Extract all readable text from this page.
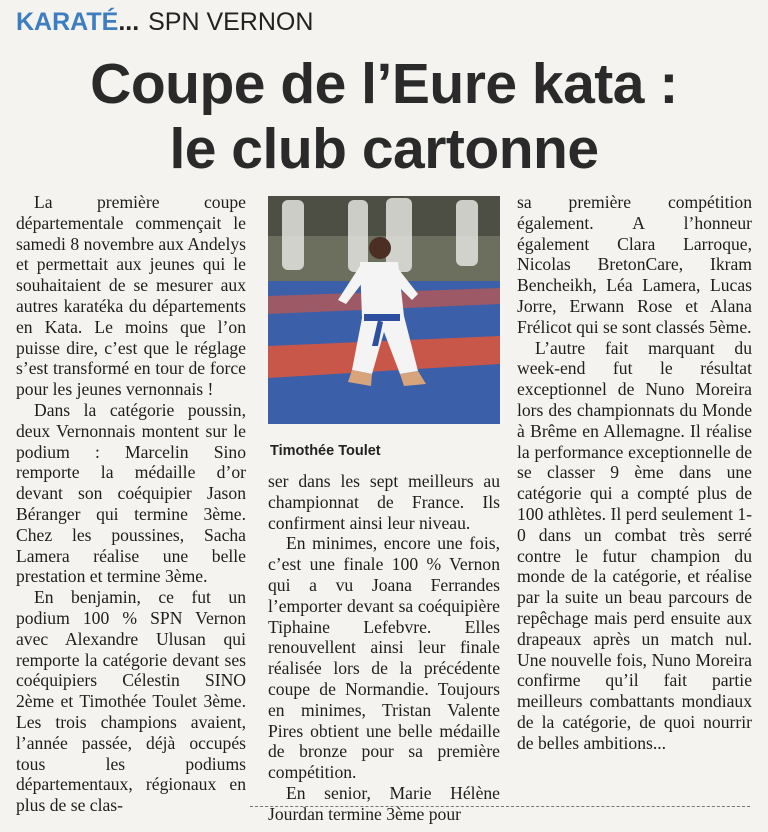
KARATÉ... SPN VERNON
Coupe de l’Eure kata :
le club cartonne

La première coupe départementale commençait le samedi 8 novembre aux Andelys et permettait aux jeunes qui le souhaitaient de se mesurer aux autres karatéka du départements en Kata. Le moins que l’on puisse dire, c’est que le réglage s’est transformé en tour de force pour les jeunes vernonnais !

Dans la catégorie poussin, deux Vernonnais montent sur le podium : Marcelin Sino remporte la médaille d’or devant son coéquipier Jason Béranger qui termine 3ème. Chez les poussines, Sacha Lamera réalise une belle prestation et termine 3ème.

En benjamin, ce fut un podium 100 % SPN Vernon avec Alexandre Ulusan qui remporte la catégorie devant ses coéquipiers Célestin SINO 2ème et Timothée Toulet 3ème. Les trois champions avaient, l’année passée, déjà occupés tous les podiums départementaux, régionaux en plus de se clas-

Timothée Toulet

ser dans les sept meilleurs au championnat de France. Ils confirment ainsi leur niveau.

En minimes, encore une fois, c’est une finale 100 % Vernon qui a vu Joana Ferrandes l’emporter devant sa coéquipière Tiphaine Lefebvre. Elles renouvellent ainsi leur finale réalisée lors de la précédente coupe de Normandie. Toujours en minimes, Tristan Valente Pires obtient une belle médaille de bronze pour sa première compétition.

En senior, Marie Hélène Jourdan termine 3ème pour

sa première compétition également. A l’honneur également Clara Larroque, Nicolas BretonCare, Ikram Bencheikh, Léa Lamera, Lucas Jorre, Erwann Rose et Alana Frélicot qui se sont classés 5ème.

L’autre fait marquant du week-end fut le résultat exceptionnel de Nuno Moreira lors des championnats du Monde à Brême en Allemagne. Il réalise la performance exceptionnelle de se classer 9 ème dans une catégorie qui a compté plus de 100 athlètes. Il perd seulement 1-0 dans un combat très serré contre le futur champion du monde de la catégorie, et réalise par la suite un beau parcours de repêchage mais perd ensuite aux drapeaux après un match nul. Une nouvelle fois, Nuno Moreira confirme qu’il fait partie meilleurs combattants mondiaux de la catégorie, de quoi nourrir de belles ambitions...
